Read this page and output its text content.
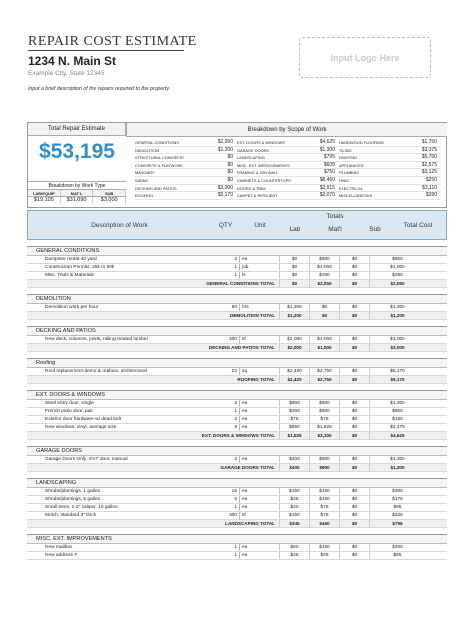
REPAIR COST ESTIMATE
1234 N. Main St
Example City, State 12345
Input Logo Here
Input a brief description of the repairs required to the property.
Total Repair Estimate
$53,195
Breakdown by Work Type
LAB/EQUIP	MAT'L	SUB
$19,105	$31,090	$3,000
Breakdown by Scope of Work
GENERAL CONDITIONS	$2,050	EXT. DOORS & WINDOWS	$4,625	HARDWOOD FLOORING	$1,750
DEMOLITION	$1,200	GARAGE DOORS	$1,300	TILING	$3,375
STRUCTURAL CONCRETE	$0	LANDSCAPING	$795	PAINTING	$5,750
CONCRETE & FLATWORK	$0	MISC. EXT. IMPROVEMENTS	$605	APPLIANCES	$2,575
MASONRY	$0	FRAMING & DRYWALL	$750	PLUMBING	$3,125
SIDING	$0	CABINETS & COUNTERTOPS	$8,460	HVAC	$250
DECKING AND PATIOS	$3,000	DOORS & TRIM	$2,915	ELECTRICAL	$3,110
ROOFING	$5,170	CARPET & RESILIENT	$2,070	MISCELLANEOUS	$390
Description of Work	QTY	Unit
Totals
Lab	Mat'l	Sub
Total Cost
GENERAL CONDITIONS
Dumpster rental-40 yard	2	ea	$0	$800	$0	$800
Construction Permits, 25k to 50k	1	job	$0	$1,000	$0	$1,000
Misc. Tools & Materials	1	ls	$0	$250	$0	$250
GENERAL CONDITIONS TOTAL	$0	$2,050	$0	$2,050
DEMOLITION
Demolition work per hour	80	hrs	$1,200	$0	$0	$1,200
DEMOLITION TOTAL	$1,200	$0	$0	$1,200
DECKING AND PATIOS
New deck, columns, joists, railing-treated lumber	200	sf	$2,000	$1,000	$0	$3,000
DECKING AND PATIOS TOTAL	$2,000	$1,000	$0	$3,000
Roofing
Roof replacement-demo & replace, architectural	22	sq	$2,420	$2,750	$0	$5,170
ROOFING TOTAL	$2,420	$2,750	$0	$5,170
EXT. DOORS & WINDOWS
Steel entry door, single	3	ea	$600	$600	$0	$1,200
French patio door, pair	1	ea	$200	$600	$0	$800
Exterior door hardware w/ dead bolt	2	ea	$75	$75	$0	$150
New windows, vinyl, average size	9	ea	$650	$1,825	$0	$2,475
EXT. DOORS & WINDOWS TOTAL	$1,525	$3,100	$0	$4,625
GARAGE DOORS
Garage Doors Only: 9'x7' door, manual	2	ea	$400	$900	$0	$1,300
GARAGE DOORS TOTAL	$400	$900	$0	$1,300
LANDSCAPING
Shrubs/plantings, 1 gallon	15	ea	$150	$150	$0	$300
Shrubs/plantings, 5 gallon	5	ea	$25	$150	$0	$175
Small trees, 1-2" caliper, 10 gallon	1	ea	$20	$75	$0	$95
Mulch, standard 3" thick	300	sf	$150	$75	$0	$225
LANDSCAPING TOTAL	$345	$450	$0	$795
MISC. EXT. IMPROVEMENTS
New mailbox	1	ea	$50	$150	$0	$200
New address #	1	ea	$25	$25	$0	$65
